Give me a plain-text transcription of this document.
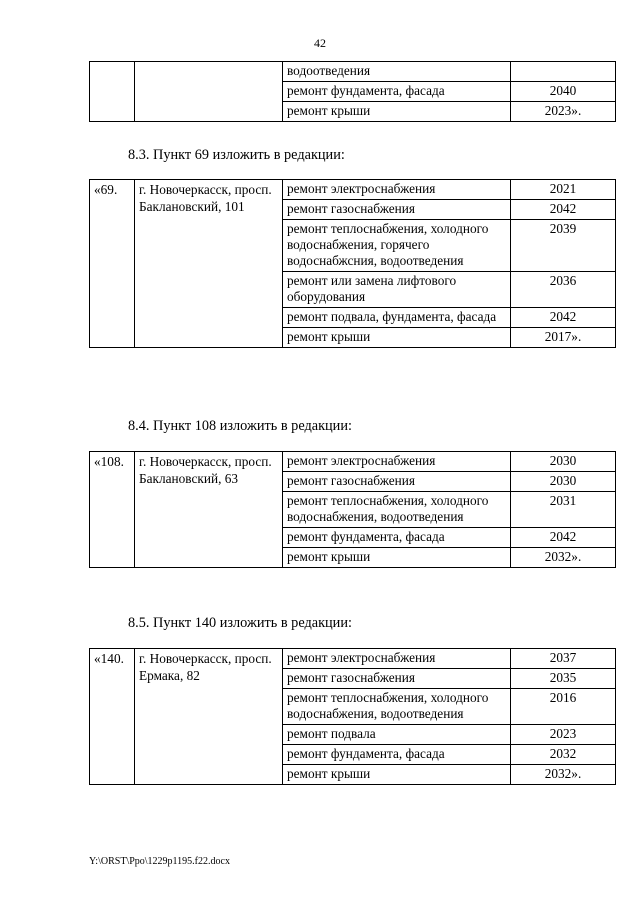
42
		водоотведения	
		ремонт фундамента, фасада	2040
		ремонт крыши	2023».
8.3. Пункт 69 изложить в редакции:
«69.	г. Новочеркасск, просп. Баклановский, 101	ремонт электроснабжения	2021
		ремонт газоснабжения	2042
		ремонт теплоснабжения, холодного водоснабжения, горячего водоснабжсния, водоотведения	2039
		ремонт или замена лифтового оборудования	2036
		ремонт подвала, фундамента, фасада	2042
		ремонт крыши	2017».
8.4. Пункт 108 изложить в редакции:
«108.	г. Новочеркасск, просп. Баклановский, 63	ремонт электроснабжения	2030
		ремонт газоснабжения	2030
		ремонт теплоснабжения, холодного водоснабжения, водоотведения	2031
		ремонт фундамента, фасада	2042
		ремонт крыши	2032».
8.5. Пункт 140 изложить в редакции:
«140.	г. Новочеркасск, просп. Ермака, 82	ремонт электроснабжения	2037
		ремонт газоснабжения	2035
		ремонт теплоснабжения, холодного водоснабжения, водоотведения	2016
		ремонт подвала	2023
		ремонт фундамента, фасада	2032
		ремонт крыши	2032».
Y:\ORST\Ppo\1229p1195.f22.docx
